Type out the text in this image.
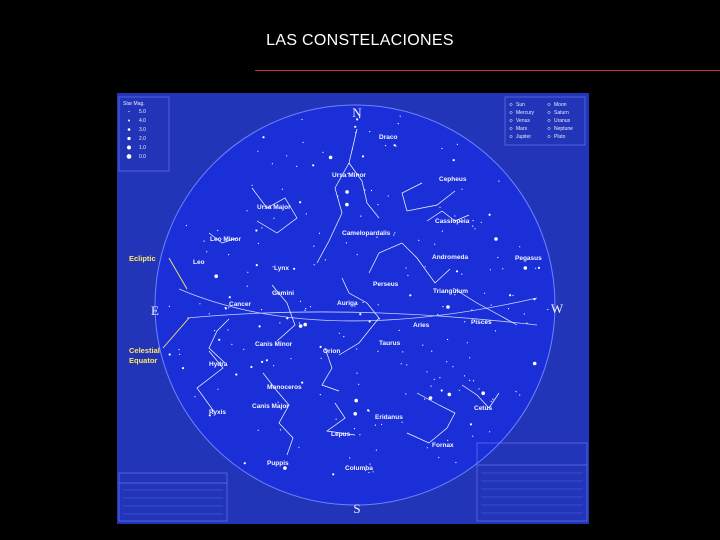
LAS CONSTELACIONES
N
S
E	W
Ecliptic
Celestial
Equator
Star Mag.
5.0
4.0
3.0
2.0
1.0
0.0
Sun	Moon
Mercury	Saturn
Venus	Uranus
Mars	Neptune
Jupiter	Pluto
Draco
Ursa Minor
Cepheus
Ursa Major
Cassiopeia
Camelopardalis
Leo Minor
Andromeda	Pegasus
Leo
Lynx
Perseus
Triangulum
Gemini
Auriga
Cancer
Aries	Pisces
Taurus
Canis Minor
Orion
Hydra
Monoceros
Canis Major
Pyxis
Eridanus
Cetus
Lepus
Fornax
Puppis
Columba
